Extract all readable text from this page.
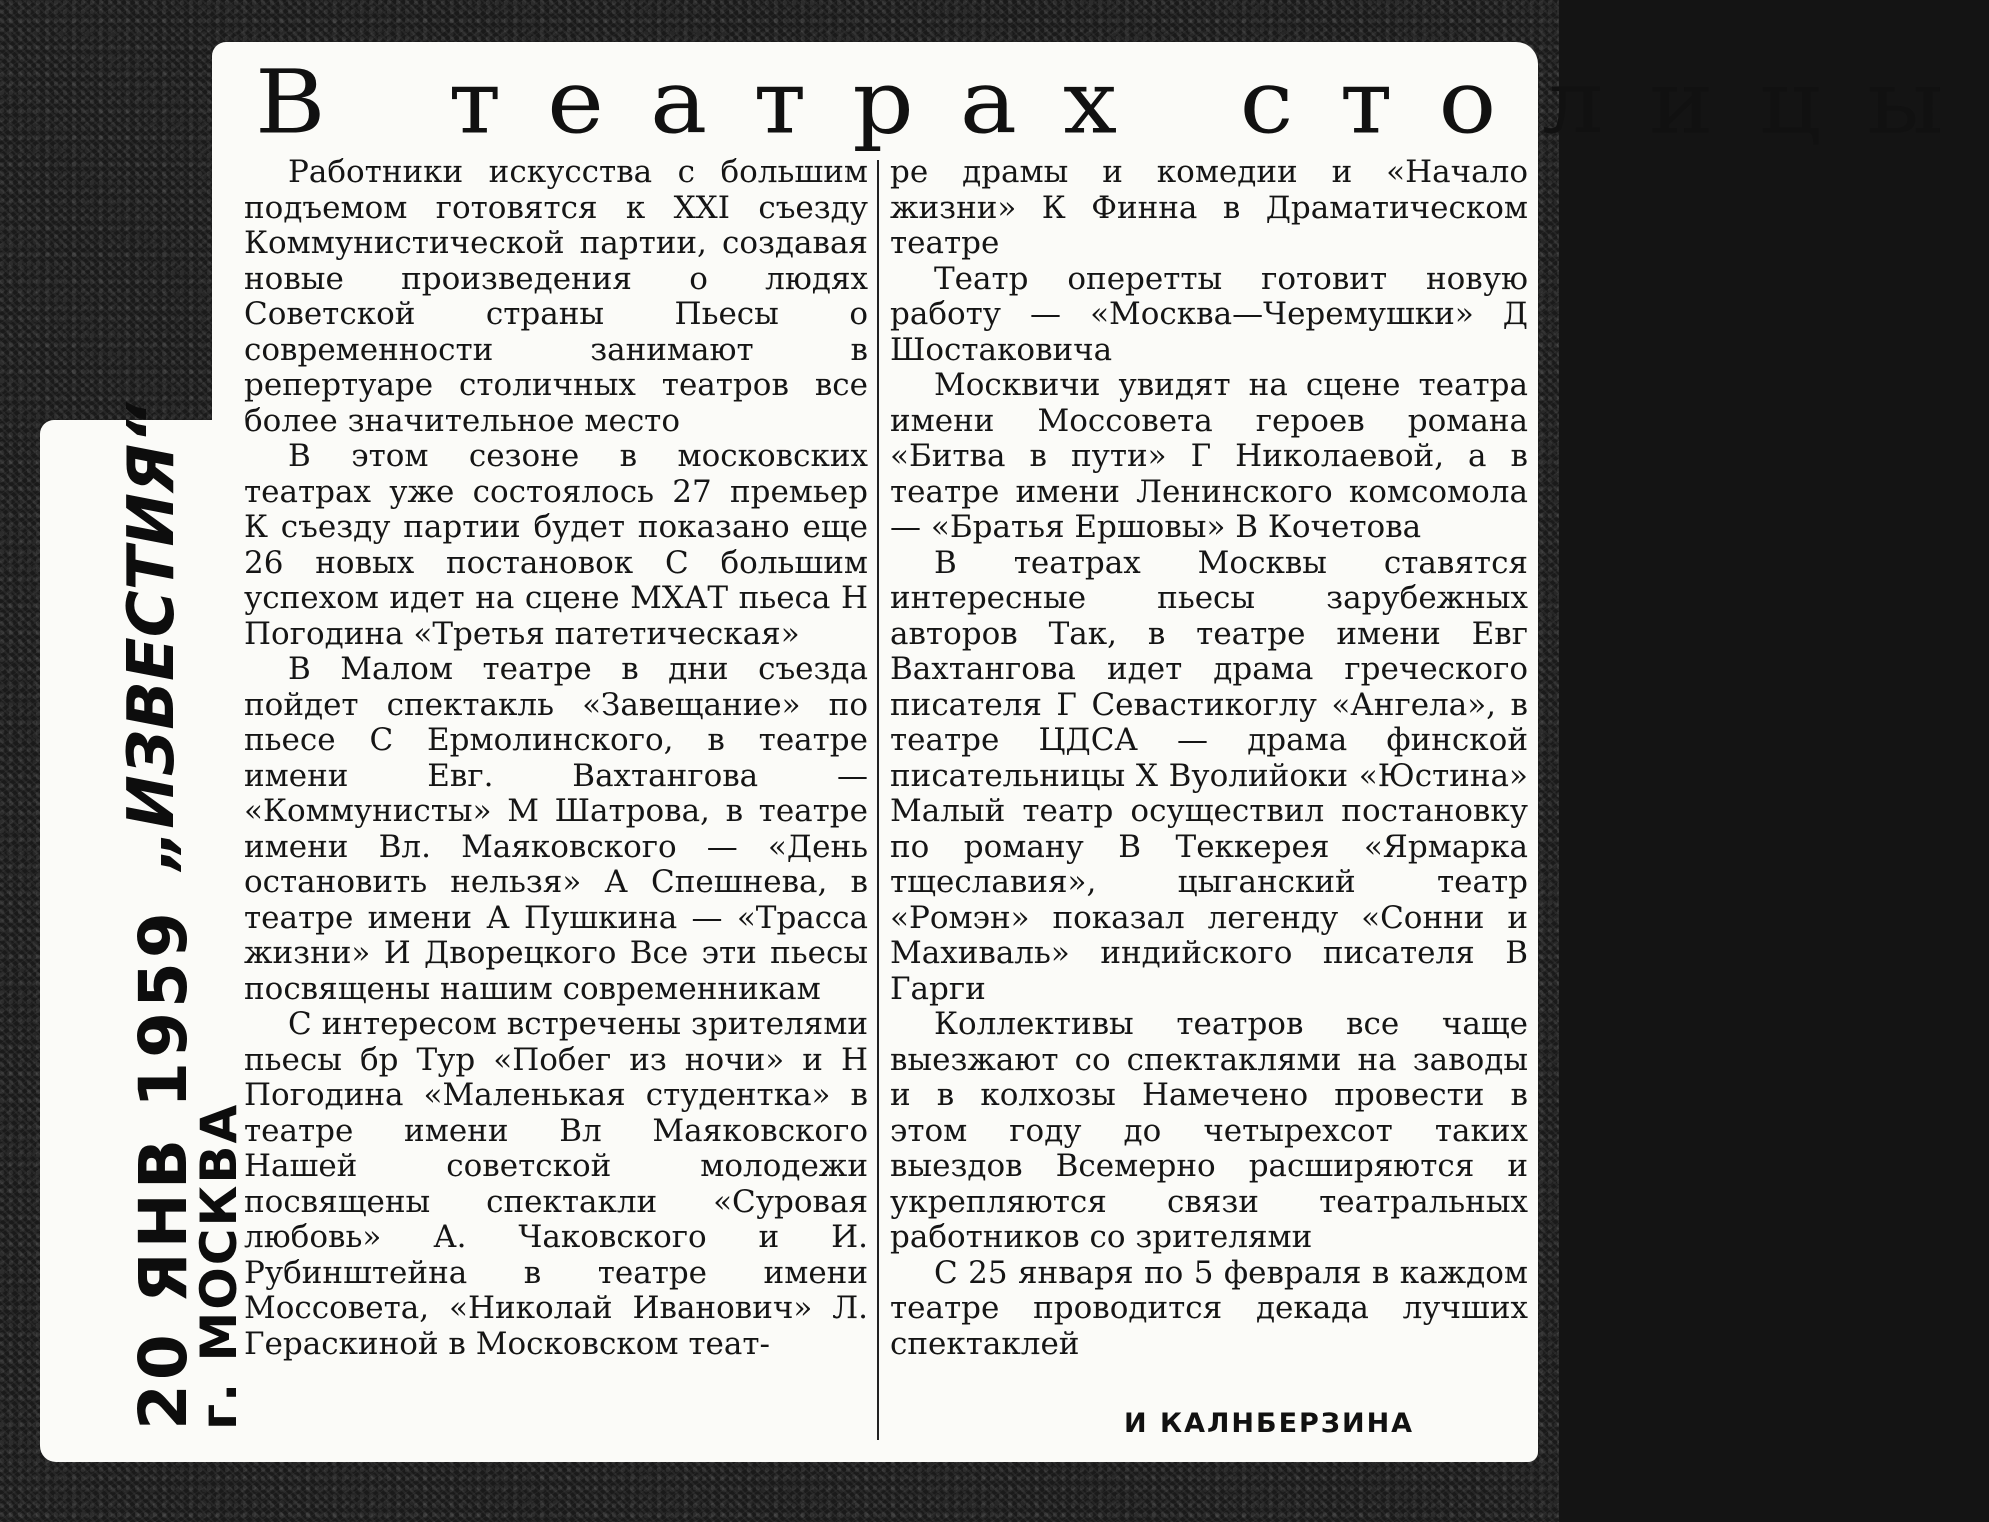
„ИЗВЕСТИЯ“
20 ЯНВ 1959
г. МОСКВА
В театрах столицы

Работники искусства с большим подъемом готовятся к XXI съезду Коммунистической партии, создавая новые произведения о людях Советской страны Пьесы о современности занимают в репертуаре столичных театров все более значительное место

В этом сезоне в московских театрах уже состоялось 27 премьер К съезду партии будет показано еще 26 новых постановок С большим успехом идет на сцене МХАТ пьеса Н Погодина «Третья патетическая»

В Малом театре в дни съезда пойдет спектакль «Завещание» по пьесе С Ермолинского, в театре имени Евг. Вахтангова — «Коммунисты» М Шатрова, в театре имени Вл. Маяковского — «День остановить нельзя» А Спешнева, в театре имени А Пушкина — «Трасса жизни» И Дворецкого Все эти пьесы посвящены нашим современникам

С интересом встречены зрителями пьесы бр Тур «Побег из ночи» и Н Погодина «Маленькая студентка» в театре имени Вл Маяковского Нашей советской молодежи посвящены спектакли «Суровая любовь» А. Чаковского и И. Рубинштейна в театре имени Моссовета, «Николай Иванович» Л. Гераскиной в Московском теат-

ре драмы и комедии и «Начало жизни» К Финна в Драматическом театре

Театр оперетты готовит новую работу — «Москва—Черемушки» Д Шостаковича

Москвичи увидят на сцене театра имени Моссовета героев романа «Битва в пути» Г Николаевой, а в театре имени Ленинского комсомола — «Братья Ершовы» В Кочетова

В театрах Москвы ставятся интересные пьесы зарубежных авторов Так, в театре имени Евг Вахтангова идет драма греческого писателя Г Севастикоглу «Ангела», в театре ЦДСА — драма финской писательницы Х Вуолийоки «Юстина» Малый театр осуществил постановку по роману В Теккерея «Ярмарка тщеславия», цыганский театр «Ромэн» показал легенду «Сонни и Махиваль» индийского писателя В Гарги

Коллективы театров все чаще выезжают со спектаклями на заводы и в колхозы Намечено провести в этом году до четырехсот таких выездов Всемерно расширяются и укрепляются связи театральных работников со зрителями

С 25 января по 5 февраля в каждом театре проводится декада лучших спектаклей

И КАЛНБЕРЗИНА
